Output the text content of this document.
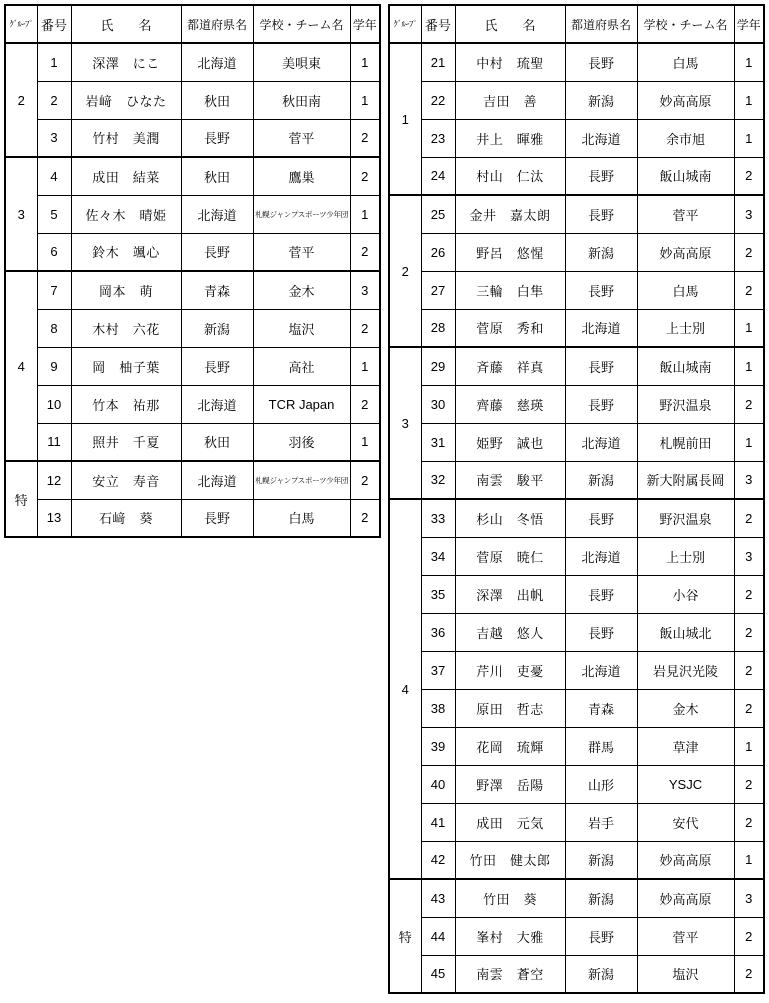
ｸﾞﾙｰﾌﾟ	番号	氏　名	都道府県名	学校・チーム名	学年
2	1	深澤　にこ	北海道	美唄東	1
	2	岩﨑　ひなた	秋田	秋田南	1
	3	竹村　美潤	長野	菅平	2
3	4	成田　結菜	秋田	鷹巣	2
	5	佐々木　晴姫	北海道	札幌ジャンプスポーツ少年団	1
	6	鈴木　颯心	長野	菅平	2
4	7	岡本　萌	青森	金木	3
	8	木村　六花	新潟	塩沢	2
	9	岡　柚子葉	長野	高社	1
	10	竹本　祐那	北海道	TCR Japan	2
	11	照井　千夏	秋田	羽後	1
特	12	安立　寿音	北海道	札幌ジャンプスポーツ少年団	2
	13	石﨑　葵	長野	白馬	2
ｸﾞﾙｰﾌﾟ	番号	氏　名	都道府県名	学校・チーム名	学年
1	21	中村　琉聖	長野	白馬	1
	22	吉田　善	新潟	妙高高原	1
	23	井上　暉雅	北海道	余市旭	1
	24	村山　仁汰	長野	飯山城南	2
2	25	金井　嘉太朗	長野	菅平	3
	26	野呂　悠惺	新潟	妙高高原	2
	27	三輪　白隼	長野	白馬	2
	28	菅原　秀和	北海道	上士別	1
3	29	斉藤　祥真	長野	飯山城南	1
	30	齊藤　慈瑛	長野	野沢温泉	2
	31	姫野　誠也	北海道	札幌前田	1
	32	南雲　駿平	新潟	新大附属長岡	3
4	33	杉山　冬悟	長野	野沢温泉	2
	34	菅原　暁仁	北海道	上士別	3
	35	深澤　出帆	長野	小谷	2
	36	吉越　悠人	長野	飯山城北	2
	37	芹川　吏憂	北海道	岩見沢光陵	2
	38	原田　哲志	青森	金木	2
	39	花岡　琉輝	群馬	草津	1
	40	野澤　岳陽	山形	YSJC	2
	41	成田　元気	岩手	安代	2
	42	竹田　健太郎	新潟	妙高高原	1
特	43	竹田　葵	新潟	妙高高原	3
	44	峯村　大雅	長野	菅平	2
	45	南雲　蒼空	新潟	塩沢	2
